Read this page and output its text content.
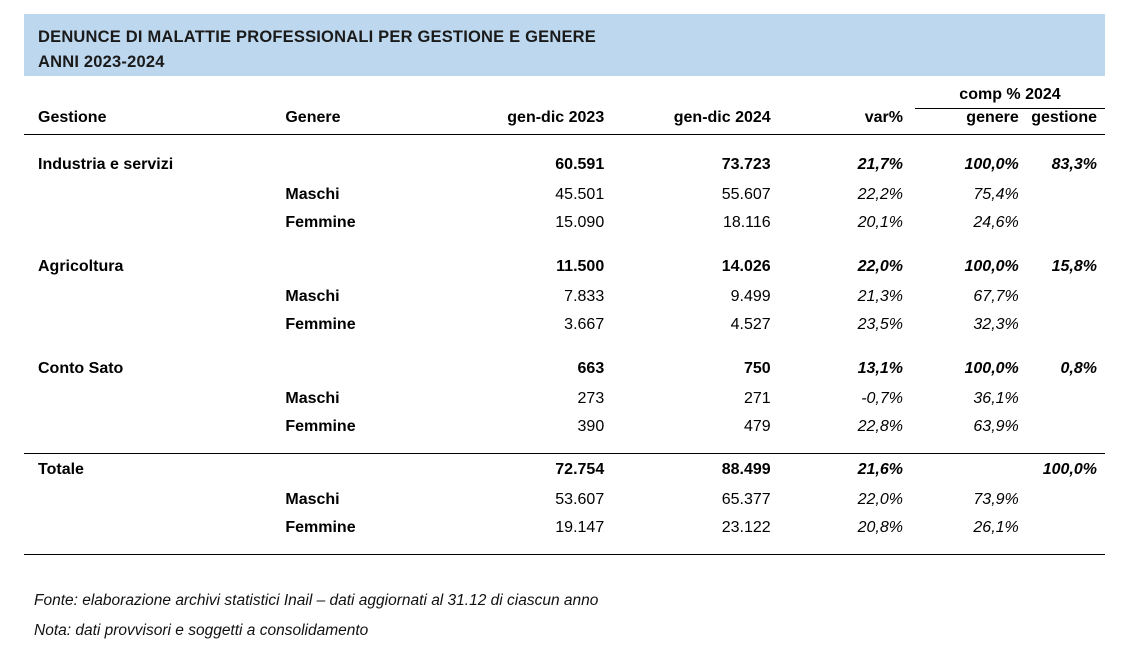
DENUNCE DI MALATTIE PROFESSIONALI PER GESTIONE E GENERE
ANNI 2023-2024
					comp % 2024	
Gestione	Genere	gen-dic 2023	gen-dic 2024	var%	genere	gestione

Industria e servizi		60.591	73.723	21,7%	100,0%	83,3%
	Maschi	45.501	55.607	22,2%	75,4%	
	Femmine	15.090	18.116	20,1%	24,6%	

Agricoltura		11.500	14.026	22,0%	100,0%	15,8%
	Maschi	7.833	9.499	21,3%	67,7%	
	Femmine	3.667	4.527	23,5%	32,3%	

Conto Sato		663	750	13,1%	100,0%	0,8%
	Maschi	273	271	-0,7%	36,1%	
	Femmine	390	479	22,8%	63,9%	

Totale		72.754	88.499	21,6%		100,0%
	Maschi	53.607	65.377	22,0%	73,9%	
	Femmine	19.147	23.122	20,8%	26,1%	

Fonte: elaborazione archivi statistici Inail – dati aggiornati al 31.12 di ciascun anno
Nota: dati provvisori e soggetti a consolidamento
